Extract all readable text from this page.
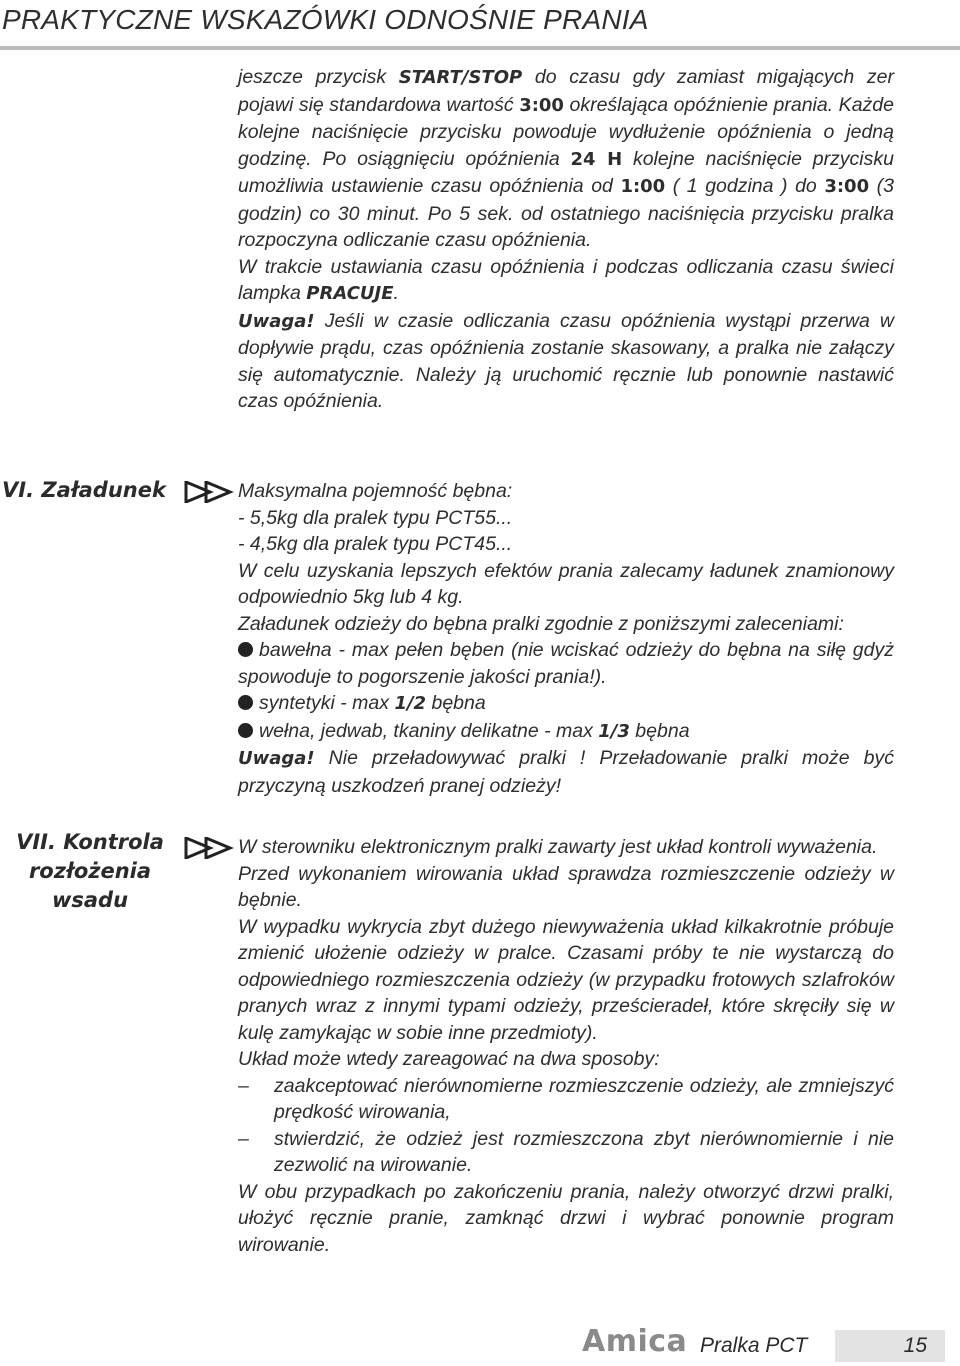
PRAKTYCZNE WSKAZÓWKI ODNOŚNIE PRANIA

jeszcze przycisk START/STOP do czasu gdy zamiast migających zer pojawi się standardowa wartość 3:00 określająca opóźnienie prania. Każde kolejne naciśnięcie przycisku powoduje wydłużenie opóźnienia o jedną godzinę. Po osiągnięciu opóźnienia 24 H kolejne naciśnięcie przycisku umożliwia ustawienie czasu opóźnienia od 1:00 ( 1 godzina ) do 3:00 (3 godzin) co 30 minut. Po 5 sek. od ostatniego naciśnięcia przycisku pralka rozpoczyna odliczanie czasu opóźnienia.

W trakcie ustawiania czasu opóźnienia i podczas odliczania czasu świeci lampka PRACUJE.

Uwaga! Jeśli w czasie odliczania czasu opóźnienia wystąpi przerwa w dopływie prądu, czas opóźnienia zostanie skasowany, a pralka nie załączy się automatycznie. Należy ją uruchomić ręcznie lub ponownie nastawić czas opóźnienia.

VI. Załadunek	Maksymalna pojemność bębna:

- 5,5kg dla pralek typu PCT55...

- 4,5kg dla pralek typu PCT45...

W celu uzyskania lepszych efektów prania zalecamy ładunek znamionowy odpowiednio 5kg lub 4 kg.

Załadunek odzieży do bębna pralki zgodnie z poniższymi zaleceniami:

bawełna - max pełen bęben (nie wciskać odzieży do bębna na siłę gdyż spowoduje to pogorszenie jakości prania!).

syntetyki - max 1/2 bębna

wełna, jedwab, tkaniny delikatne - max 1/3 bębna

Uwaga! Nie przeładowywać pralki ! Przeładowanie pralki może być przyczyną uszkodzeń pranej odzieży!

VII. Kontrola
rozłożenia
wsadu

W sterowniku elektronicznym pralki zawarty jest układ kontroli wyważenia.

Przed wykonaniem wirowania układ sprawdza rozmieszczenie odzieży w bębnie.

W wypadku wykrycia zbyt dużego niewyważenia układ kilkakrotnie próbuje zmienić ułożenie odzieży w pralce. Czasami próby te nie wystarczą do odpowiedniego rozmieszczenia odzieży (w przypadku frotowych szlafroków pranych wraz z innymi typami odzieży, prześcieradeł, które skręciły się w kulę zamykając w sobie inne przedmioty).

Układ może wtedy zareagować na dwa sposoby:

–	zaakceptować nierównomierne rozmieszczenie odzieży, ale zmniejszyć prędkość wirowania,
–	stwierdzić, że odzież jest rozmieszczona zbyt nierównomiernie i nie zezwolić na wirowanie.

W obu przypadkach po zakończeniu prania, należy otworzyć drzwi pralki, ułożyć ręcznie pranie, zamknąć drzwi i wybrać ponownie program wirowanie.

Amica Pralka PCT	15
